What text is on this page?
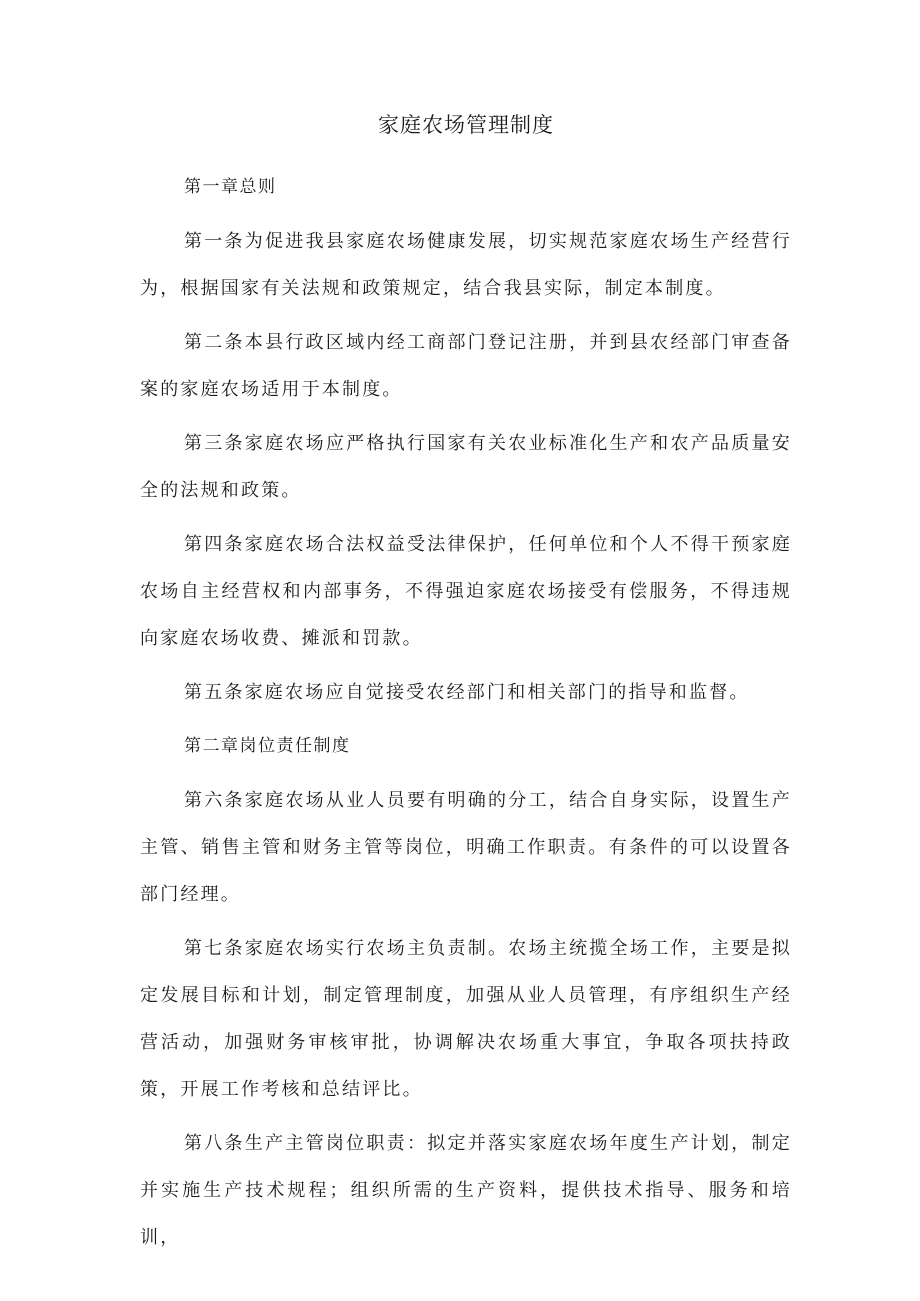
家庭农场管理制度

第一章总则

第一条为促进我县家庭农场健康发展，切实规范家庭农场生产经营行为，根据国家有关法规和政策规定，结合我县实际，制定本制度。

第二条本县行政区域内经工商部门登记注册，并到县农经部门审查备案的家庭农场适用于本制度。

第三条家庭农场应严格执行国家有关农业标准化生产和农产品质量安全的法规和政策。

第四条家庭农场合法权益受法律保护，任何单位和个人不得干预家庭农场自主经营权和内部事务，不得强迫家庭农场接受有偿服务，不得违规向家庭农场收费、摊派和罚款。

第五条家庭农场应自觉接受农经部门和相关部门的指导和监督。

第二章岗位责任制度

第六条家庭农场从业人员要有明确的分工，结合自身实际，设置生产主管、销售主管和财务主管等岗位，明确工作职责。有条件的可以设置各部门经理。

第七条家庭农场实行农场主负责制。农场主统揽全场工作，主要是拟定发展目标和计划，制定管理制度，加强从业人员管理，有序组织生产经营活动，加强财务审核审批，协调解决农场重大事宜，争取各项扶持政策，开展工作考核和总结评比。

第八条生产主管岗位职责：拟定并落实家庭农场年度生产计划，制定并实施生产技术规程；组织所需的生产资料，提供技术指导、服务和培训，
